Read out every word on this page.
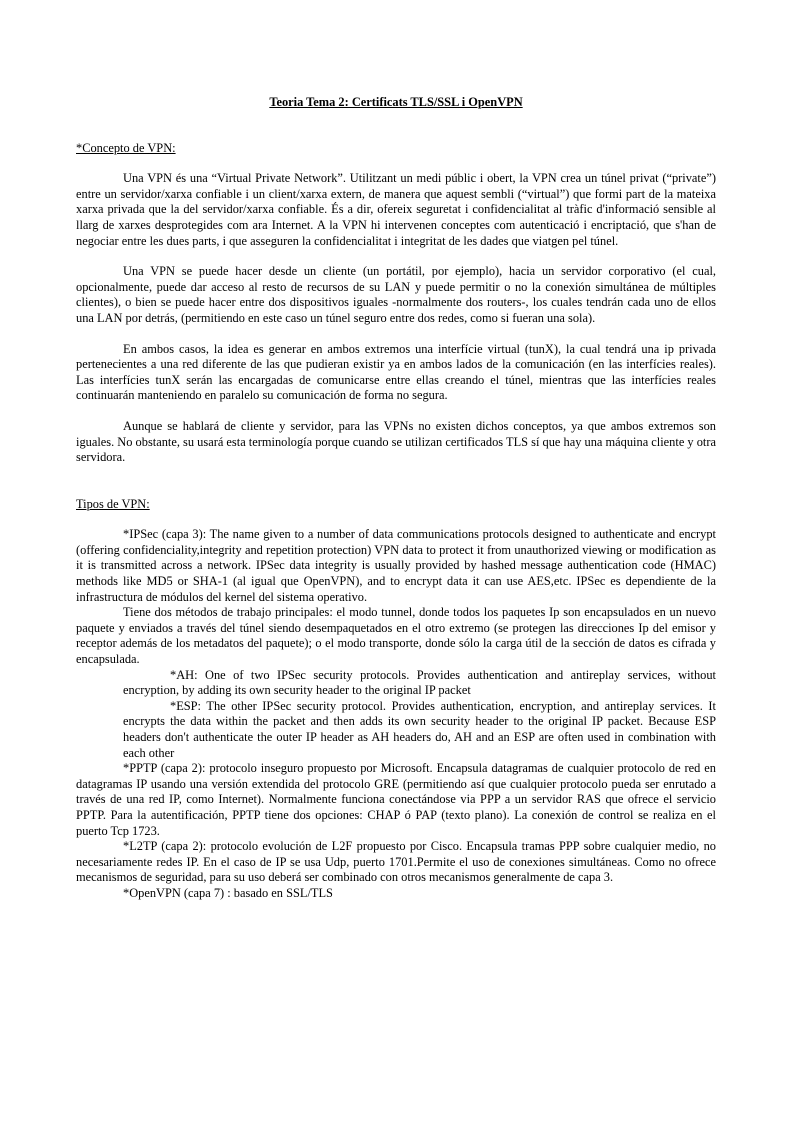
Teoria Tema 2: Certificats TLS/SSL i OpenVPN

*Concepto de VPN:

Una VPN és una “Virtual Private Network”. Utilitzant un medi públic i obert, la VPN crea un túnel privat (“private”) entre un servidor/xarxa confiable i un client/xarxa extern, de manera que aquest sembli (“virtual”) que formi part de la mateixa xarxa privada que la del servidor/xarxa confiable. És a dir, ofereix seguretat i confidencialitat al tràfic d'informació sensible al llarg de xarxes desprotegides com ara Internet. A la VPN hi intervenen conceptes com autenticació i encriptació, que s'han de negociar entre les dues parts, i que asseguren la confidencialitat i integritat de les dades que viatgen pel túnel.

Una VPN se puede hacer desde un cliente (un portátil, por ejemplo), hacia un servidor corporativo (el cual, opcionalmente, puede dar acceso al resto de recursos de su LAN y puede permitir o no la conexión simultánea de múltiples clientes), o bien se puede hacer entre dos dispositivos iguales -normalmente dos routers-, los cuales tendrán cada uno de ellos una LAN por detrás, (permitiendo en este caso un túnel seguro entre dos redes, como si fueran una sola).

En ambos casos, la idea es generar en ambos extremos una interfície virtual (tunX), la cual tendrá una ip privada pertenecientes a una red diferente de las que pudieran existir ya en ambos lados de la comunicación (en las interfícies reales). Las interfícies tunX serán las encargadas de comunicarse entre ellas creando el túnel, mientras que las interfícies reales continuarán manteniendo en paralelo su comunicación de forma no segura.

Aunque se hablará de cliente y servidor, para las VPNs no existen dichos conceptos, ya que ambos extremos son iguales. No obstante, su usará esta terminología porque cuando se utilizan certificados TLS sí que hay una máquina cliente y otra servidora.

Tipos de VPN:

*IPSec (capa 3): The name given to a number of data communications protocols designed to authenticate and encrypt (offering confidenciality,integrity and repetition protection) VPN data to protect it from unauthorized viewing or modification as it is transmitted across a network. IPSec data integrity is usually provided by hashed message authentication code (HMAC) methods like MD5 or SHA-1 (al igual que OpenVPN), and to encrypt data it can use AES,etc. IPSec es dependiente de la infrastructura de módulos del kernel del sistema operativo.

Tiene dos métodos de trabajo principales: el modo tunnel, donde todos los paquetes Ip son encapsulados en un nuevo paquete y enviados a través del túnel siendo desempaquetados en el otro extremo (se protegen las direcciones Ip del emisor y receptor además de los metadatos del paquete); o el modo transporte, donde sólo la carga útil de la sección de datos es cifrada y encapsulada.

*AH: One of two IPSec security protocols. Provides authentication and antireplay services, without encryption, by adding its own security header to the original IP packet

*ESP: The other IPSec security protocol. Provides authentication, encryption, and antireplay services. It encrypts the data within the packet and then adds its own security header to the original IP packet. Because ESP headers don't authenticate the outer IP header as AH headers do, AH and an ESP are often used in combination with each other

*PPTP (capa 2): protocolo inseguro propuesto por Microsoft. Encapsula datagramas de cualquier protocolo de red en datagramas IP usando una versión extendida del protocolo GRE (permitiendo así que cualquier protocolo pueda ser enrutado a través de una red IP, como Internet). Normalmente funciona conectándose via PPP a un servidor RAS que ofrece el servicio PPTP. Para la autentificación, PPTP tiene dos opciones: CHAP ó PAP (texto plano). La conexión de control se realiza en el puerto Tcp 1723.

*L2TP (capa 2): protocolo evolución de L2F propuesto por Cisco. Encapsula tramas PPP sobre cualquier medio, no necesariamente redes IP. En el caso de IP se usa Udp, puerto 1701.Permite el uso de conexiones simultáneas. Como no ofrece mecanismos de seguridad, para su uso deberá ser combinado con otros mecanismos generalmente de capa 3.

*OpenVPN (capa 7) : basado en SSL/TLS
